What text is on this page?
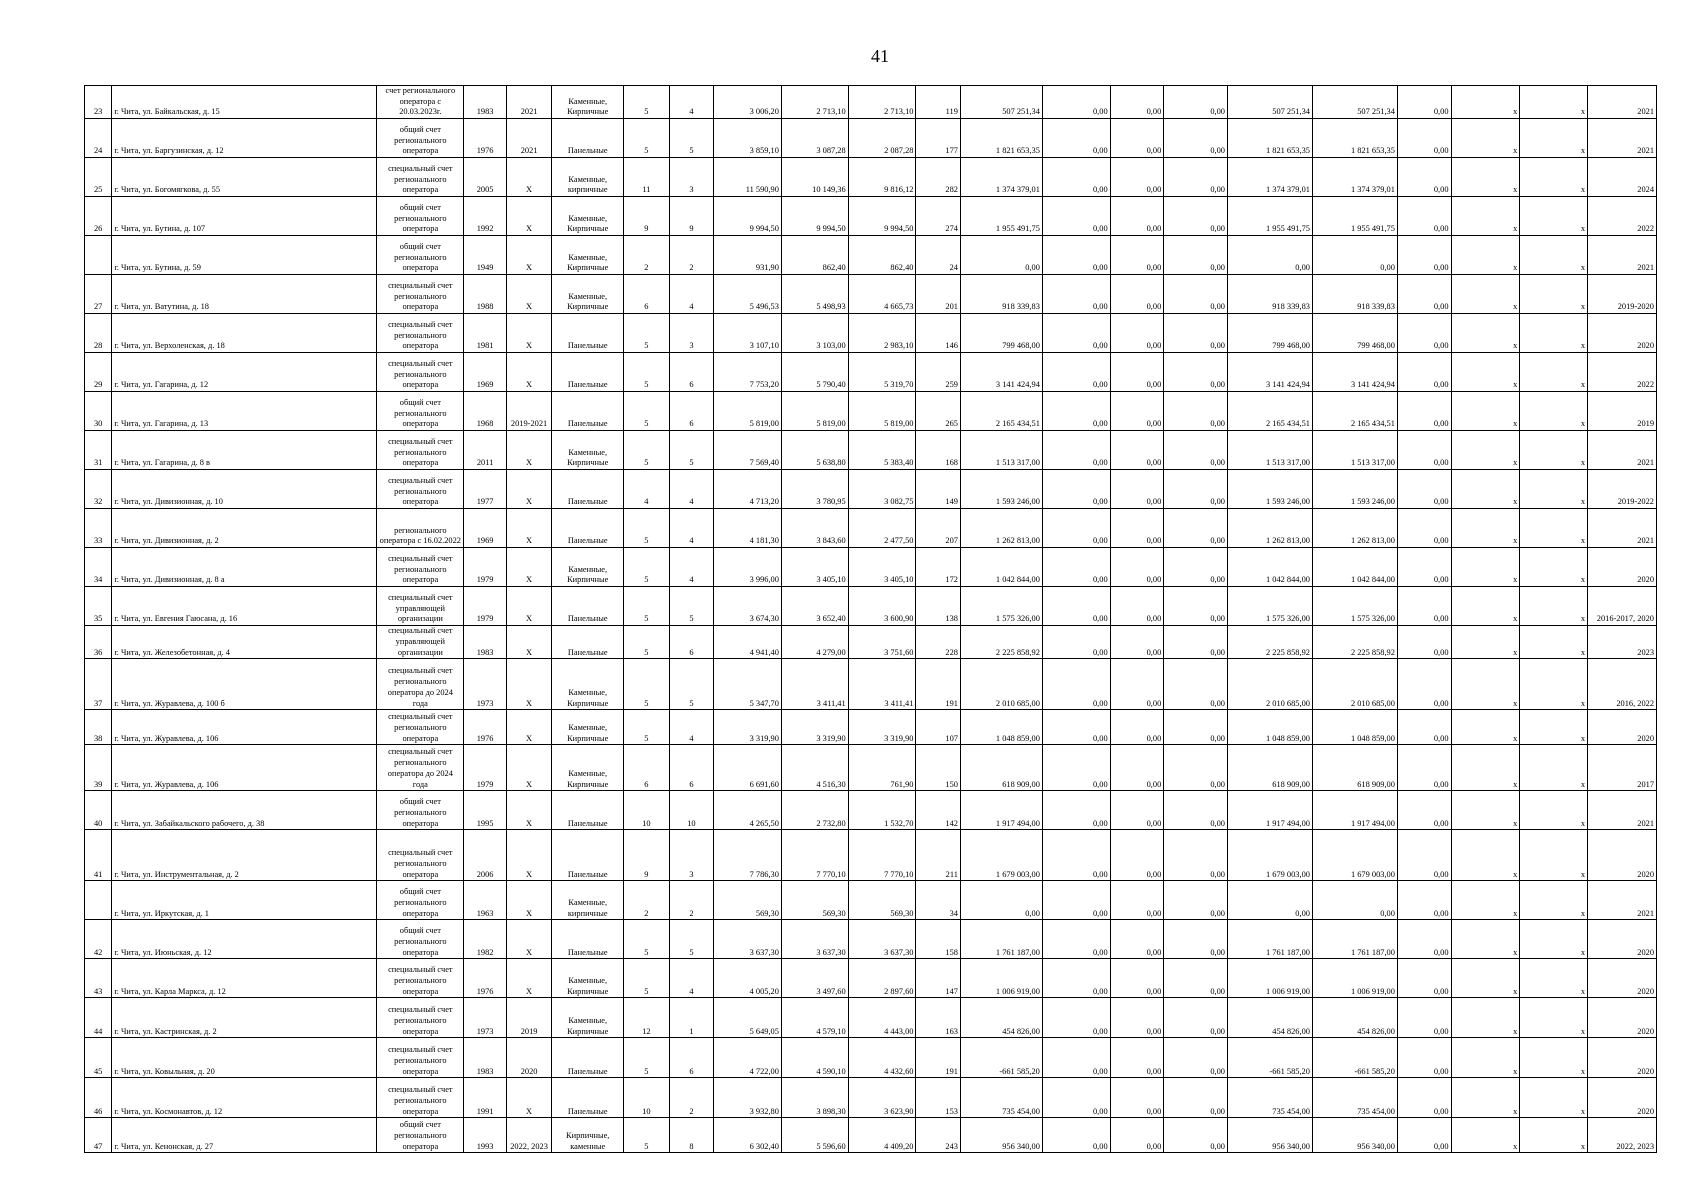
41
23	г. Чита, ул. Байкальская, д. 15	счет регионального оператора с 20.03.2023г.	1983	2021	Каменные, Кирпичные	5	4	3 006,20	2 713,10	2 713,10	119	507 251,34	0,00	0,00	0,00	507 251,34	507 251,34	0,00	x	x	2021
24	г. Чита, ул. Баргузинская, д. 12	общий счет регионального оператора	1976	2021	Панельные	5	5	3 859,10	3 087,28	2 087,28	177	1 821 653,35	0,00	0,00	0,00	1 821 653,35	1 821 653,35	0,00	x	x	2021
25	г. Чита, ул. Богомягкова, д. 55	специальный счет регионального оператора	2005	Х	Каменные, кирпичные	11	3	11 590,90	10 149,36	9 816,12	282	1 374 379,01	0,00	0,00	0,00	1 374 379,01	1 374 379,01	0,00	x	x	2024
26	г. Чита, ул. Бутина, д. 107	общий счет регионального оператора	1992	Х	Каменные, Кирпичные	9	9	9 994,50	9 994,50	9 994,50	274	1 955 491,75	0,00	0,00	0,00	1 955 491,75	1 955 491,75	0,00	x	x	2022
	г. Чита, ул. Бутина, д. 59	общий счет регионального оператора	1949	Х	Каменные, Кирпичные	2	2	931,90	862,40	862,40	24	0,00	0,00	0,00	0,00	0,00	0,00	0,00	x	x	2021
27	г. Чита, ул. Ватутина, д. 18	специальный счет регионального оператора	1988	Х	Каменные, Кирпичные	6	4	5 496,53	5 498,93	4 665,73	201	918 339,83	0,00	0,00	0,00	918 339,83	918 339,83	0,00	x	x	2019-2020
28	г. Чита, ул. Верхоленская, д. 18	специальный счет регионального оператора	1981	Х	Панельные	5	3	3 107,10	3 103,00	2 983,10	146	799 468,00	0,00	0,00	0,00	799 468,00	799 468,00	0,00	x	x	2020
29	г. Чита, ул. Гагарина, д. 12	специальный счет регионального оператора	1969	Х	Панельные	5	6	7 753,20	5 790,40	5 319,70	259	3 141 424,94	0,00	0,00	0,00	3 141 424,94	3 141 424,94	0,00	x	x	2022
30	г. Чита, ул. Гагарина, д. 13	общий счет регионального оператора	1968	2019-2021	Панельные	5	6	5 819,00	5 819,00	5 819,00	265	2 165 434,51	0,00	0,00	0,00	2 165 434,51	2 165 434,51	0,00	x	x	2019
31	г. Чита, ул. Гагарина, д. 8 в	специальный счет регионального оператора	2011	Х	Каменные, Кирпичные	5	5	7 569,40	5 638,80	5 383,40	168	1 513 317,00	0,00	0,00	0,00	1 513 317,00	1 513 317,00	0,00	x	x	2021
32	г. Чита, ул. Дивизионная, д. 10	специальный счет регионального оператора	1977	Х	Панельные	4	4	4 713,20	3 780,95	3 082,75	149	1 593 246,00	0,00	0,00	0,00	1 593 246,00	1 593 246,00	0,00	x	x	2019-2022
33	г. Чита, ул. Дивизионная, д. 2	регионального оператора с 16.02.2022	1969	Х	Панельные	5	4	4 181,30	3 843,60	2 477,50	207	1 262 813,00	0,00	0,00	0,00	1 262 813,00	1 262 813,00	0,00	x	x	2021
34	г. Чита, ул. Дивизионная, д. 8 а	специальный счет регионального оператора	1979	Х	Каменные, Кирпичные	5	4	3 996,00	3 405,10	3 405,10	172	1 042 844,00	0,00	0,00	0,00	1 042 844,00	1 042 844,00	0,00	x	x	2020
35	г. Чита, ул. Евгения Гаюсана, д. 16	специальный счет управляющей организации	1979	Х	Панельные	5	5	3 674,30	3 652,40	3 600,90	138	1 575 326,00	0,00	0,00	0,00	1 575 326,00	1 575 326,00	0,00	x	x	2016-2017, 2020
36	г. Чита, ул. Железобетонная, д. 4	специальный счет управляющей организации	1983	Х	Панельные	5	6	4 941,40	4 279,00	3 751,60	228	2 225 858,92	0,00	0,00	0,00	2 225 858,92	2 225 858,92	0,00	x	x	2023
37	г. Чита, ул. Журавлева, д. 100 б	специальный счет регионального оператора до 2024 года	1973	Х	Каменные, Кирпичные	5	5	5 347,70	3 411,41	3 411,41	191	2 010 685,00	0,00	0,00	0,00	2 010 685,00	2 010 685,00	0,00	x	x	2016, 2022
38	г. Чита, ул. Журавлева, д. 106	специальный счет регионального оператора	1976	Х	Каменные, Кирпичные	5	4	3 319,90	3 319,90	3 319,90	107	1 048 859,00	0,00	0,00	0,00	1 048 859,00	1 048 859,00	0,00	x	x	2020
39	г. Чита, ул. Журавлева, д. 106	специальный счет регионального оператора до 2024 года	1979	Х	Каменные, Кирпичные	6	6	6 691,60	4 516,30	761,90	150	618 909,00	0,00	0,00	0,00	618 909,00	618 909,00	0,00	x	x	2017
40	г. Чита, ул. Забайкальского рабочего, д. 38	общий счет регионального оператора	1995	Х	Панельные	10	10	4 265,50	2 732,80	1 532,70	142	1 917 494,00	0,00	0,00	0,00	1 917 494,00	1 917 494,00	0,00	x	x	2021
41	г. Чита, ул. Инструментальная, д. 2	специальный счет регионального оператора	2006	Х	Панельные	9	3	7 786,30	7 770,10	7 770,10	211	1 679 003,00	0,00	0,00	0,00	1 679 003,00	1 679 003,00	0,00	x	x	2020
	г. Чита, ул. Иркутская, д. 1	общий счет регионального оператора	1963	Х	Каменные, кирпичные	2	2	569,30	569,30	569,30	34	0,00	0,00	0,00	0,00	0,00	0,00	0,00	x	x	2021
42	г. Чита, ул. Июньская, д. 12	общий счет регионального оператора	1982	Х	Панельные	5	5	3 637,30	3 637,30	3 637,30	158	1 761 187,00	0,00	0,00	0,00	1 761 187,00	1 761 187,00	0,00	x	x	2020
43	г. Чита, ул. Карла Маркса, д. 12	специальный счет регионального оператора	1976	Х	Каменные, Кирпичные	5	4	4 005,20	3 497,60	2 897,60	147	1 006 919,00	0,00	0,00	0,00	1 006 919,00	1 006 919,00	0,00	x	x	2020
44	г. Чита, ул. Кастринская, д. 2	специальный счет регионального оператора	1973	2019	Каменные, Кирпичные	12	1	5 649,05	4 579,10	4 443,00	163	454 826,00	0,00	0,00	0,00	454 826,00	454 826,00	0,00	x	x	2020
45	г. Чита, ул. Ковыльная, д. 20	специальный счет регионального оператора	1983	2020	Панельные	5	6	4 722,00	4 590,10	4 432,60	191	-661 585,20	0,00	0,00	0,00	-661 585,20	-661 585,20	0,00	x	x	2020
46	г. Чита, ул. Космонавтов, д. 12	специальный счет регионального оператора	1991	Х	Панельные	10	2	3 932,80	3 898,30	3 623,90	153	735 454,00	0,00	0,00	0,00	735 454,00	735 454,00	0,00	x	x	2020
47	г. Чита, ул. Кенонская, д. 27	общий счет регионального оператора	1993	2022, 2023	Кирпичные, каменные	5	8	6 302,40	5 596,60	4 409,20	243	956 340,00	0,00	0,00	0,00	956 340,00	956 340,00	0,00	x	x	2022, 2023
